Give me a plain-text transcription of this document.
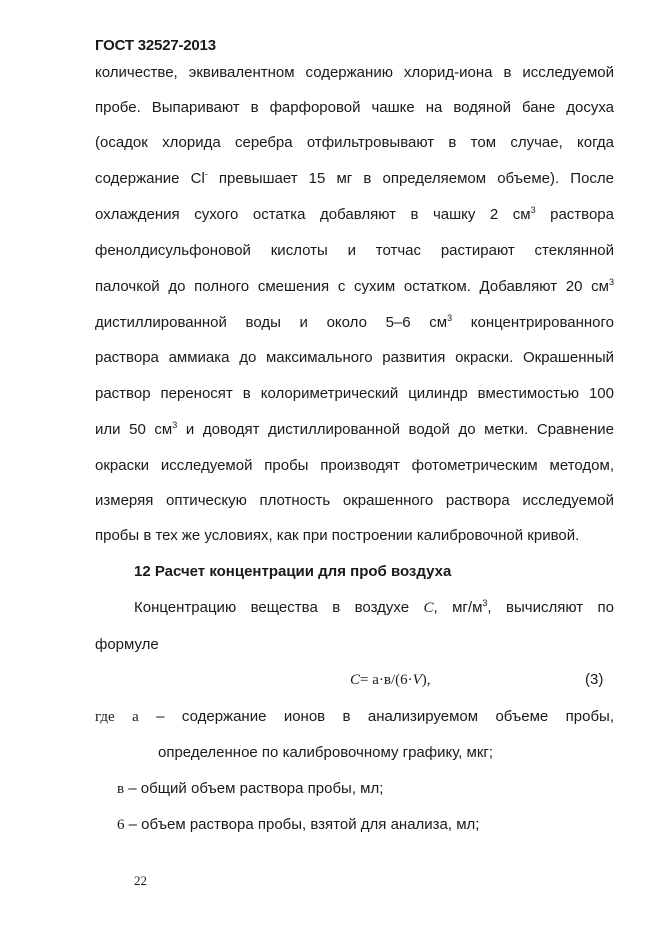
ГОСТ 32527-2013
количестве, эквивалентном содержанию хлорид-иона в исследуемой
пробе. Выпаривают в фарфоровой чашке на водяной бане досуха
(осадок хлорида серебра отфильтровывают в том случае, когда
содержание Cl- превышает 15 мг в определяемом объеме). После
охлаждения сухого остатка добавляют в чашку 2 $см^3$ раствора
фенолдисульфоновой кислоты и тотчас растирают стеклянной
палочкой до полного смешения с сухим остатком. Добавляют 20 $см^3$
дистиллированной воды и около 5–6 $см^3$ концентрированного
раствора аммиака до максимального развития окраски. Окрашенный
раствор переносят в колориметрический цилиндр вместимостью 100
или 50 $см^3$ и доводят дистиллированной водой до метки. Сравнение
окраски исследуемой пробы производят фотометрическим методом,
измеряя оптическую плотность окрашенного раствора исследуемой
пробы в тех же условиях, как при построении калибровочной кривой.
12 Расчет концентрации для проб воздуха
Концентрацию вещества в воздухе C, $мг/м^3$, вычисляют по
формуле
C= a·в/(6·V),	(3)
где a – содержание ионов в анализируемом объеме пробы,
определенное по калибровочному графику, мкг;
в – общий объем раствора пробы, мл;
6 – объем раствора пробы, взятой для анализа, мл;
22
